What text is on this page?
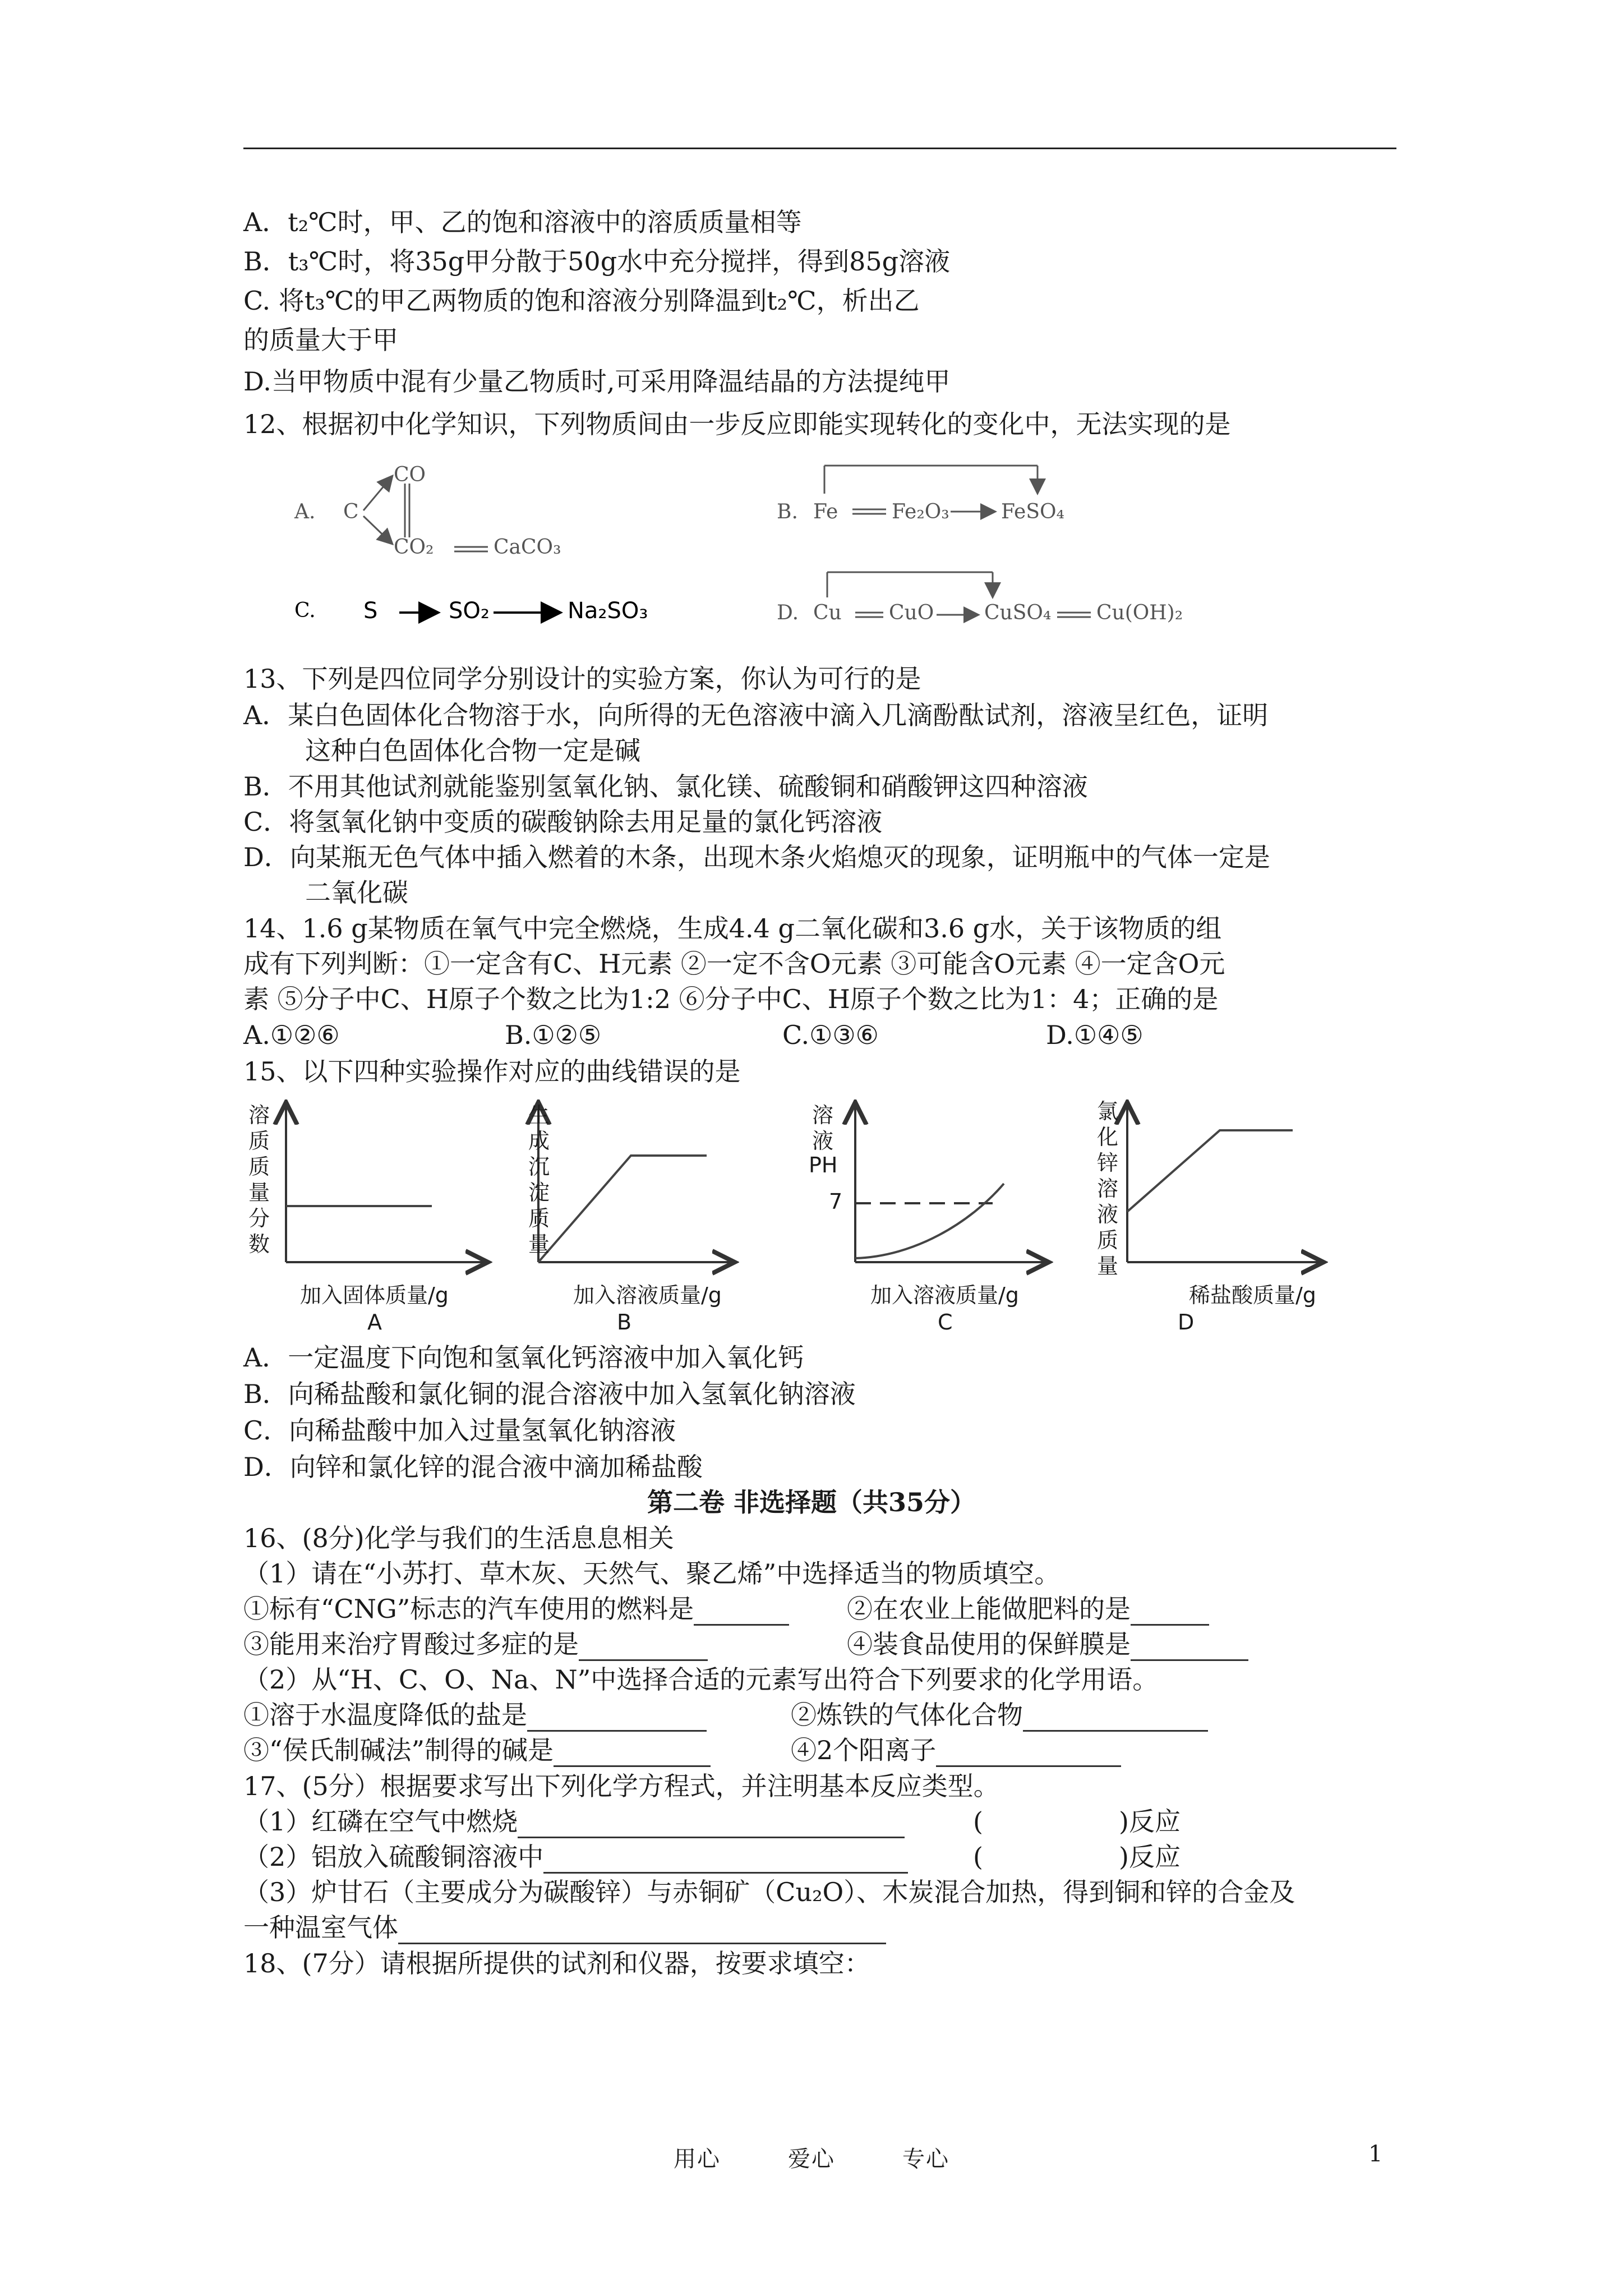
A．t₂℃时，甲、乙的饱和溶液中的溶质质量相等
B．t₃℃时，将35g甲分散于50g水中充分搅拌，得到85g溶液
C. 将t₃℃的甲乙两物质的饱和溶液分别降温到t₂℃，析出乙
的质量大于甲
D.当甲物质中混有少量乙物质时,可采用降温结晶的方法提纯甲
12、根据初中化学知识，下列物质间由一步反应即能实现转化的变化中，无法实现的是
A. C
CO
CO₂	CaCO₃
B. Fe	Fe₂O₃	FeSO₄
C. S	SO₂	Na₂SO₃	D. Cu CuO CuSO₄ Cu(OH)₂
13、下列是四位同学分别设计的实验方案，你认为可行的是
A．某白色固体化合物溶于水，向所得的无色溶液中滴入几滴酚酞试剂，溶液呈红色，证明
这种白色固体化合物一定是碱
B．不用其他试剂就能鉴别氢氧化钠、氯化镁、硫酸铜和硝酸钾这四种溶液
C．将氢氧化钠中变质的碳酸钠除去用足量的氯化钙溶液
D．向某瓶无色气体中插入燃着的木条，出现木条火焰熄灭的现象，证明瓶中的气体一定是
二氧化碳
14、1.6 g某物质在氧气中完全燃烧，生成4.4 g二氧化碳和3.6 g水，关于该物质的组
成有下列判断：①一定含有C、H元素 ②一定不含O元素 ③可能含O元素 ④一定含O元
素 ⑤分子中C、H原子个数之比为1:2 ⑥分子中C、H原子个数之比为1：4；正确的是
A.①②⑥	B.①②⑤	C.①③⑥	D.①④⑤
15、以下四种实验操作对应的曲线错误的是
溶
质
质
量
分
数
加入固体质量/g
A
生
成
沉
淀
质
量
加入溶液质量/g
B
溶
液
PH
7
加入溶液质量/g
C
氯
化
锌
溶
液
质
量
稀盐酸质量/g
D
A．一定温度下向饱和氢氧化钙溶液中加入氧化钙
B．向稀盐酸和氯化铜的混合溶液中加入氢氧化钠溶液
C．向稀盐酸中加入过量氢氧化钠溶液
D．向锌和氯化锌的混合液中滴加稀盐酸
第二卷 非选择题（共35分）
16、(8分)化学与我们的生活息息相关
（1）请在“小苏打、草木灰、天然气、聚乙烯”中选择适当的物质填空。
①标有“CNG”标志的汽车使用的燃料是	②在农业上能做肥料的是
③能用来治疗胃酸过多症的是	④装食品使用的保鲜膜是
（2）从“H、C、O、Na、N”中选择合适的元素写出符合下列要求的化学用语。
①溶于水温度降低的盐是	②炼铁的气体化合物
③“侯氏制碱法”制得的碱是	④2个阳离子
17、(5分）根据要求写出下列化学方程式，并注明基本反应类型。
（1）红磷在空气中燃烧	(	)反应
（2）铝放入硫酸铜溶液中	(	)反应
（3）炉甘石（主要成分为碳酸锌）与赤铜矿（Cu₂O）、木炭混合加热，得到铜和锌的合金及
一种温室气体
18、(7分）请根据所提供的试剂和仪器，按要求填空：
用心	爱心	专心	1
